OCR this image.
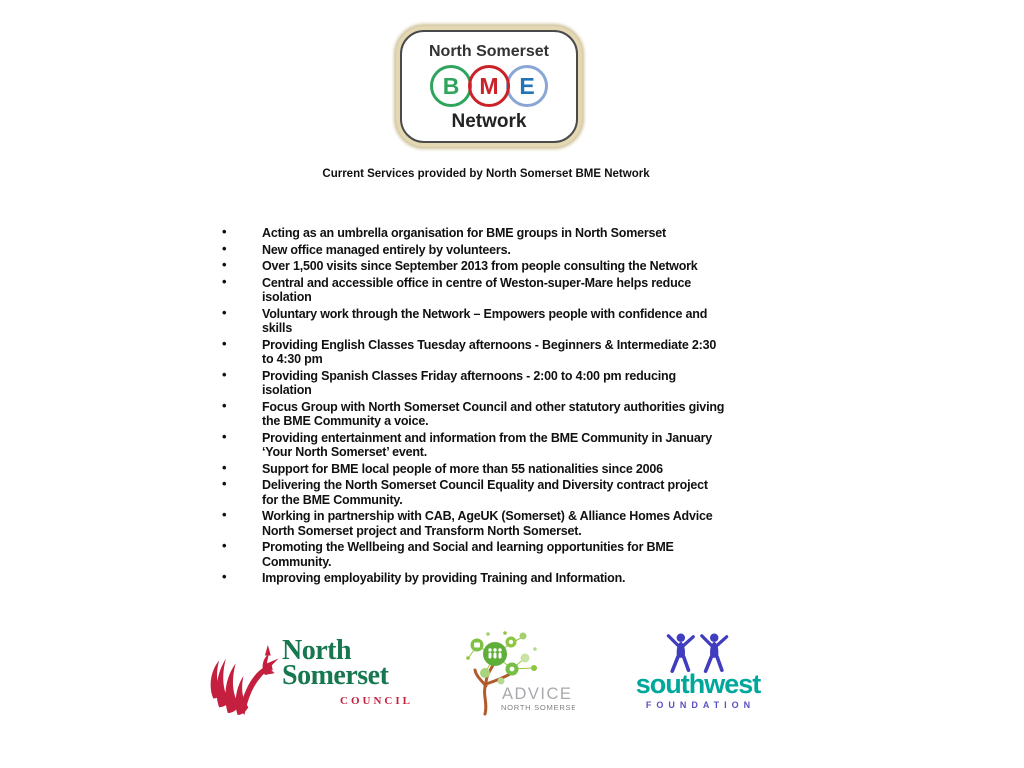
North Somerset
B M E
Network
Current Services provided by North Somerset BME Network
• Acting as an umbrella organisation for BME groups in North Somerset
• New office managed entirely by volunteers.
• Over 1,500 visits since September 2013 from people consulting the Network
• Central and accessible office in centre of Weston-super-Mare helps reduce isolation
• Voluntary work through the Network – Empowers people with confidence and skills
• Providing English Classes Tuesday afternoons - Beginners & Intermediate 2:30 to 4:30 pm
• Providing Spanish Classes Friday afternoons - 2:00 to 4:00 pm reducing isolation
• Focus Group with North Somerset Council and other statutory authorities giving the BME Community a voice.
• Providing entertainment and information from the BME Community in January ‘Your North Somerset’ event.
• Support for BME local people of more than 55 nationalities since 2006
• Delivering the North Somerset Council Equality and Diversity contract project for the BME Community.
• Working in partnership with CAB, AgeUK (Somerset) & Alliance Homes Advice North Somerset project and Transform North Somerset.
• Promoting the Wellbeing and Social and learning opportunities for BME Community.
• Improving employability by providing Training and Information.
North
Somerset
COUNCIL	ADVICE
NORTH SOMERSET
southwest
FOUNDATION
